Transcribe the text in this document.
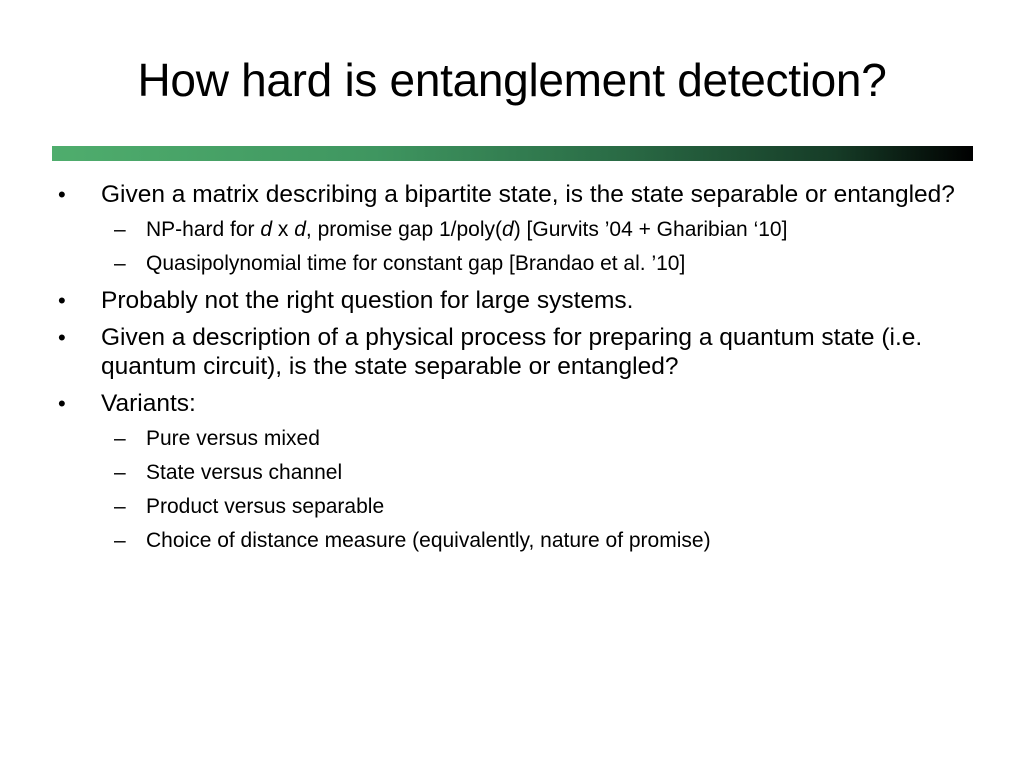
How hard is entanglement detection?
• Given a matrix describing a bipartite state, is the state separable or entangled?
– NP-hard for d x d, promise gap 1/poly(d) [Gurvits ’04 + Gharibian ‘10]
– Quasipolynomial time for constant gap [Brandao et al. ’10]
• Probably not the right question for large systems.
• Given a description of a physical process for preparing a quantum state (i.e. quantum circuit), is the state separable or entangled?
• Variants:
– Pure versus mixed
– State versus channel
– Product versus separable
– Choice of distance measure (equivalently, nature of promise)
